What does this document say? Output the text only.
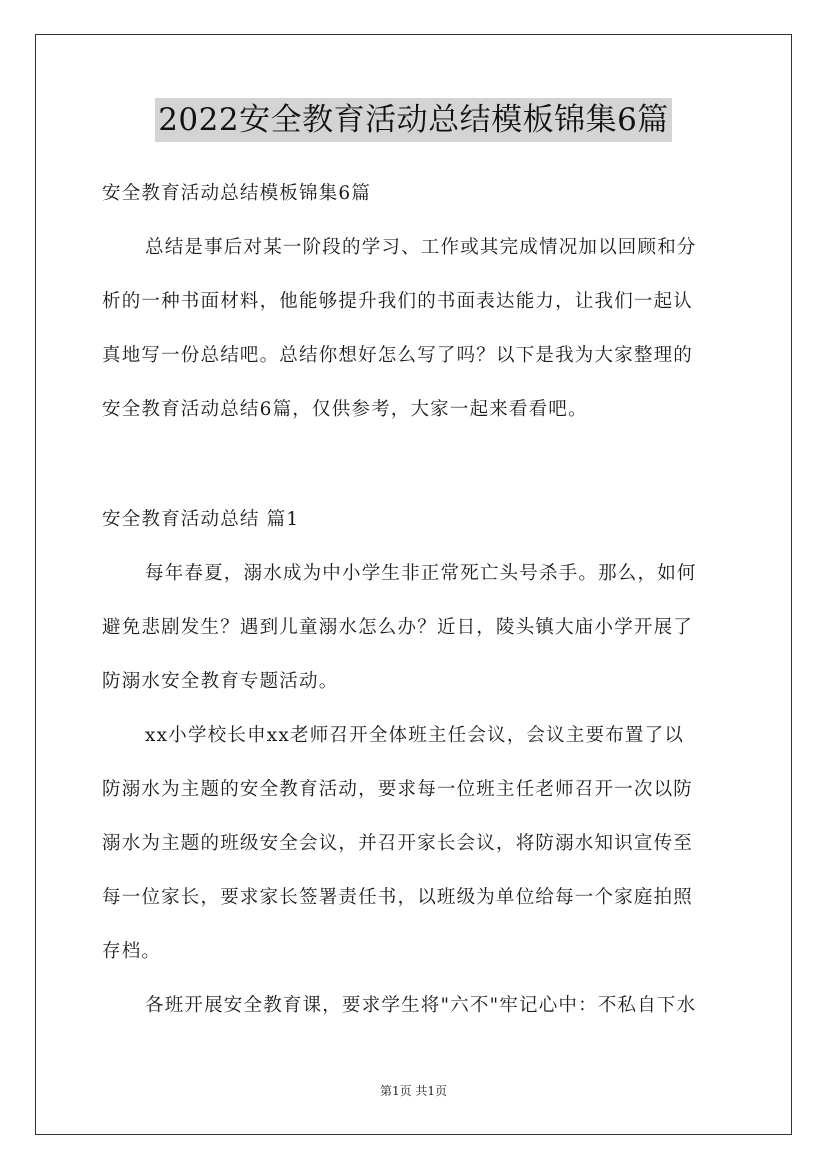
2022安全教育活动总结模板锦集6篇
安全教育活动总结模板锦集6篇
总结是事后对某一阶段的学习、工作或其完成情况加以回顾和分
析的一种书面材料，他能够提升我们的书面表达能力，让我们一起认
真地写一份总结吧。总结你想好怎么写了吗？以下是我为大家整理的
安全教育活动总结6篇，仅供参考，大家一起来看看吧。
安全教育活动总结 篇1
每年春夏，溺水成为中小学生非正常死亡头号杀手。那么，如何
避免悲剧发生？遇到儿童溺水怎么办？近日，陵头镇大庙小学开展了
防溺水安全教育专题活动。
xx小学校长申xx老师召开全体班主任会议，会议主要布置了以
防溺水为主题的安全教育活动，要求每一位班主任老师召开一次以防
溺水为主题的班级安全会议，并召开家长会议，将防溺水知识宣传至
每一位家长，要求家长签署责任书，以班级为单位给每一个家庭拍照
存档。
各班开展安全教育课，要求学生将"六不"牢记心中：不私自下水
第1页 共1页
